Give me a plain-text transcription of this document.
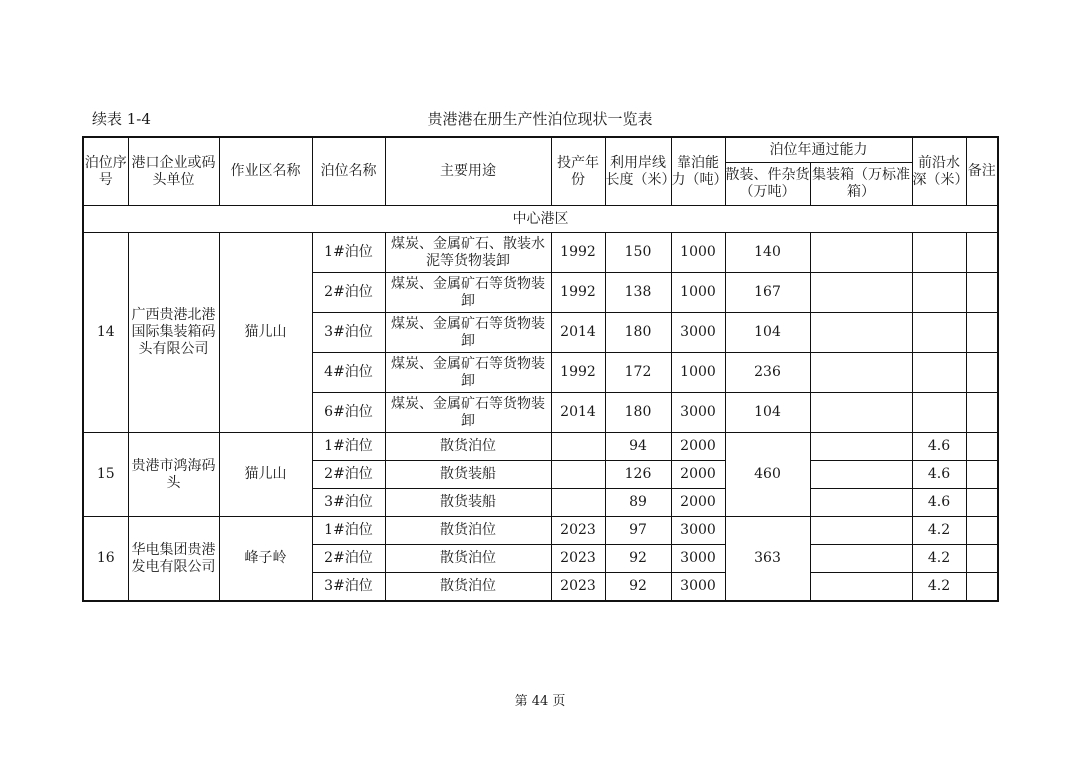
续表 1-4	贵港港在册生产性泊位现状一览表
泊位序号	港口企业或码头单位	作业区名称	泊位名称	主要用途	投产年份	利用岸线长度（米）	靠泊能力（吨）	泊位年通过能力		前沿水深（米）	备注
								散装、件杂货（万吨）	集装箱（万标准箱）		
中心港区											
14	广西贵港北港国际集装箱码头有限公司	猫儿山	1#泊位	煤炭、金属矿石、散装水泥等货物装卸	1992	150	1000	140			
			2#泊位	煤炭、金属矿石等货物装卸	1992	138	1000	167			
			3#泊位	煤炭、金属矿石等货物装卸	2014	180	3000	104			
			4#泊位	煤炭、金属矿石等货物装卸	1992	172	1000	236			
			6#泊位	煤炭、金属矿石等货物装卸	2014	180	3000	104			
15	贵港市鸿海码头	猫儿山	1#泊位	散货泊位		94	2000	460		4.6	
			2#泊位	散货装船		126	2000			4.6	
			3#泊位	散货装船		89	2000			4.6	
16	华电集团贵港发电有限公司	峰子岭	1#泊位	散货泊位	2023	97	3000	363		4.2	
			2#泊位	散货泊位	2023	92	3000			4.2	
			3#泊位	散货泊位	2023	92	3000			4.2	
第 44 页
